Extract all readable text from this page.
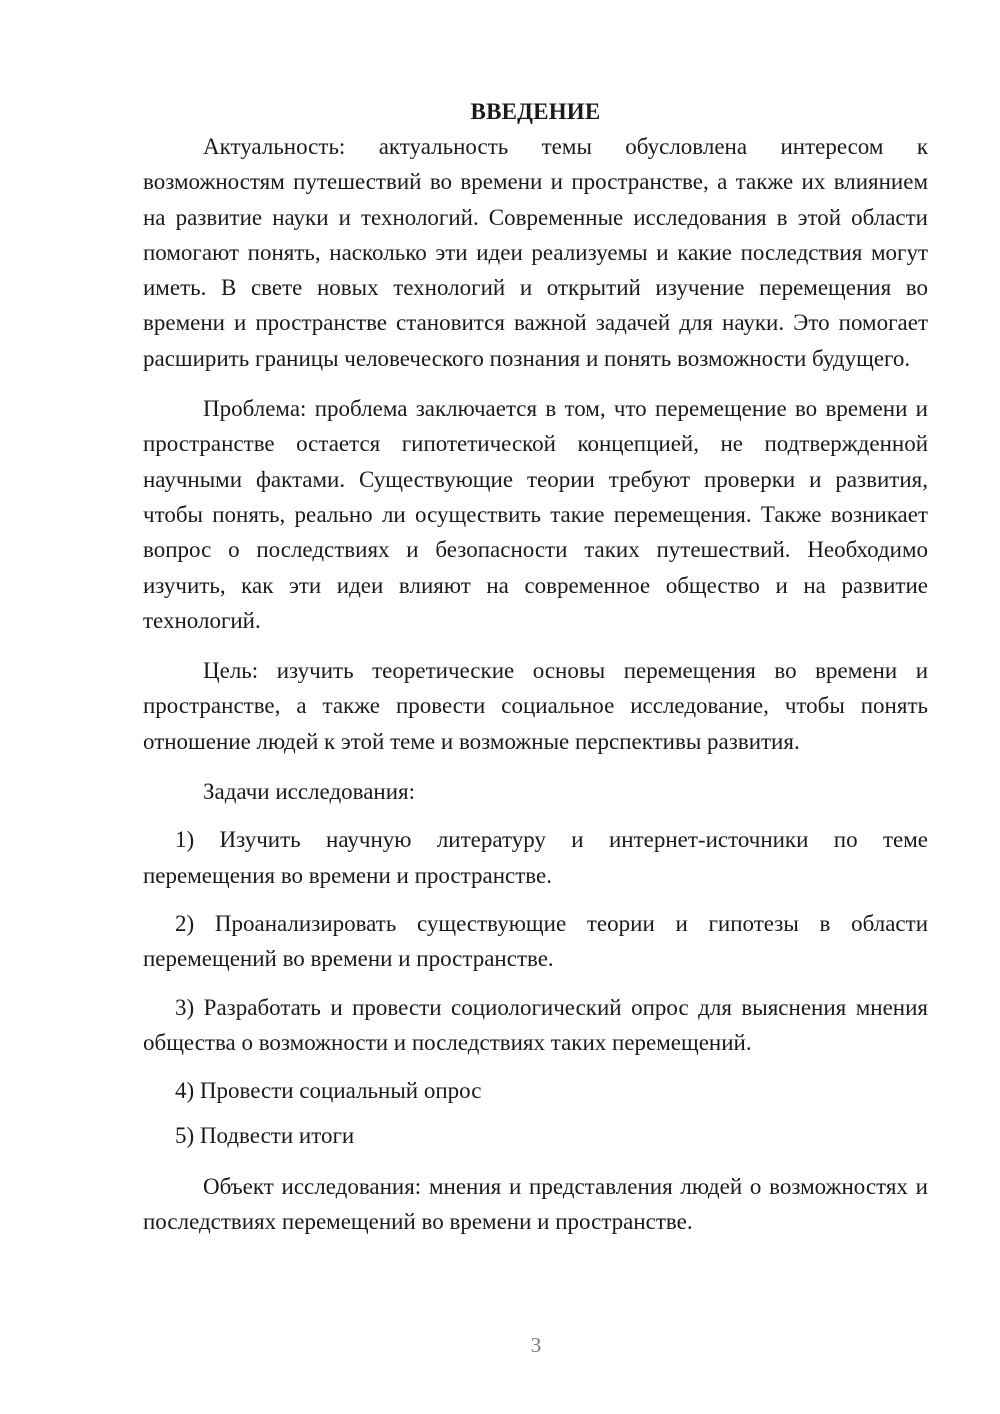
ВВЕДЕНИЕ

Актуальность: актуальность темы обусловлена интересом к возможностям путешествий во времени и пространстве, а также их влиянием на развитие науки и технологий. Современные исследования в этой области помогают понять, насколько эти идеи реализуемы и какие последствия могут иметь. В свете новых технологий и открытий изучение перемещения во времени и пространстве становится важной задачей для науки. Это помогает расширить границы человеческого познания и понять возможности будущего.

Проблема: проблема заключается в том, что перемещение во времени и пространстве остается гипотетической концепцией, не подтвержденной научными фактами. Существующие теории требуют проверки и развития, чтобы понять, реально ли осуществить такие перемещения. Также возникает вопрос о последствиях и безопасности таких путешествий. Необходимо изучить, как эти идеи влияют на современное общество и на развитие технологий.

Цель: изучить теоретические основы перемещения во времени и пространстве, а также провести социальное исследование, чтобы понять отношение людей к этой теме и возможные перспективы развития.

Задачи исследования:

1) Изучить научную литературу и интернет-источники по теме перемещения во времени и пространстве.

2) Проанализировать существующие теории и гипотезы в области перемещений во времени и пространстве.

3) Разработать и провести социологический опрос для выяснения мнения общества о возможности и последствиях таких перемещений.

4) Провести социальный опрос

5) Подвести итоги

Объект исследования: мнения и представления людей о возможностях и последствиях перемещений во времени и пространстве.

3
